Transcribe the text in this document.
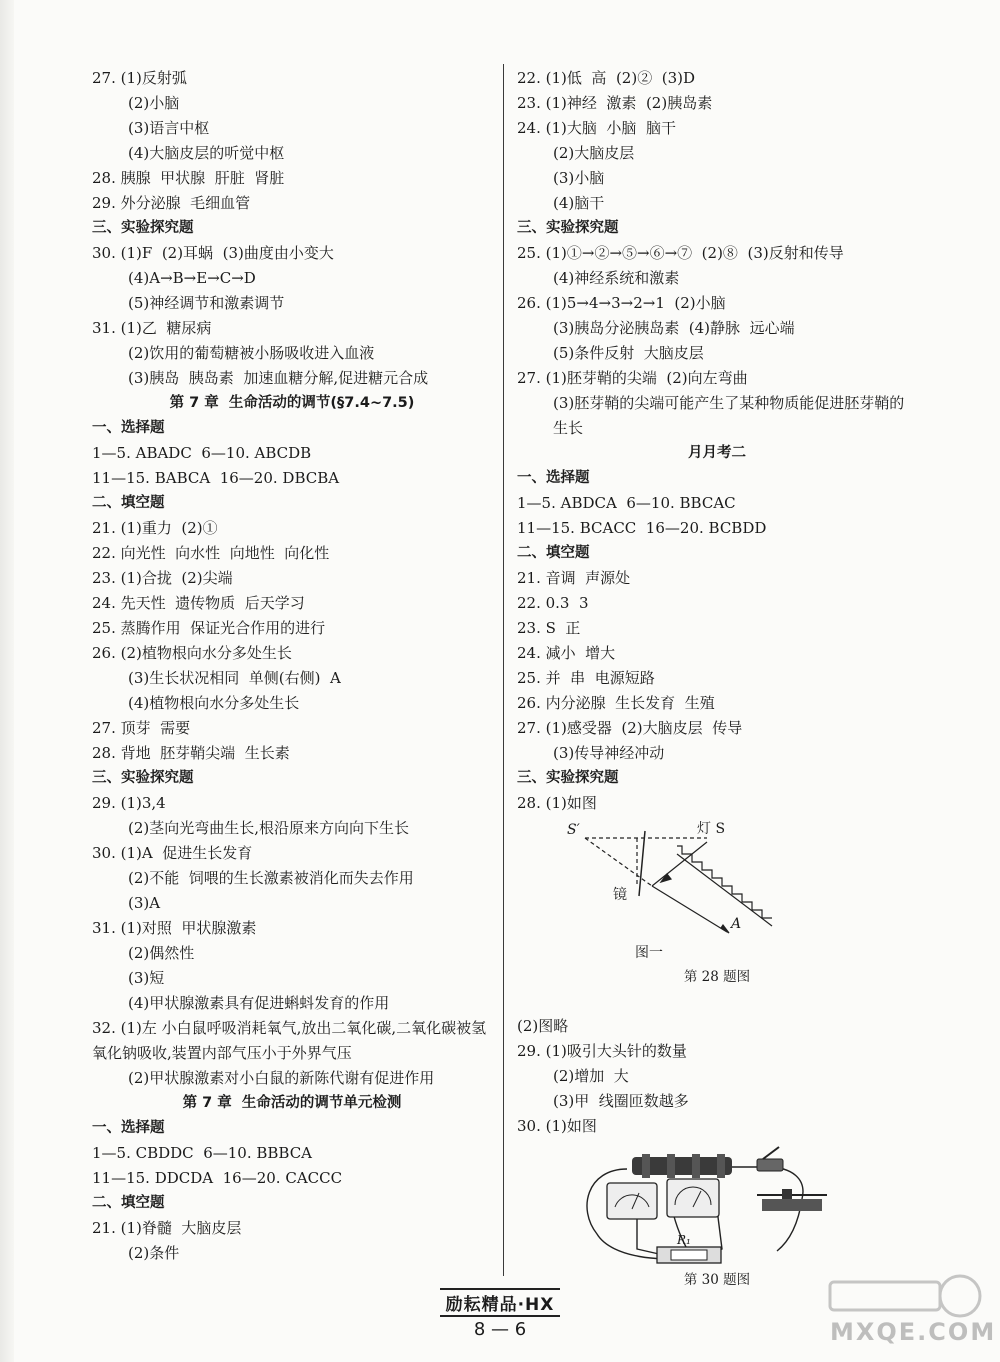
27. (1)反射弧
(2)小脑
(3)语言中枢
(4)大脑皮层的听觉中枢
28. 胰腺  甲状腺  肝脏  肾脏
29. 外分泌腺  毛细血管
三、实验探究题
30. (1)F  (2)耳蜗  (3)曲度由小变大
(4)A→B→E→C→D
(5)神经调节和激素调节
31. (1)乙  糖尿病
(2)饮用的葡萄糖被小肠吸收进入血液
(3)胰岛  胰岛素  加速血糖分解,促进糖元合成
第 7 章  生命活动的调节(§7.4~7.5)
一、选择题
1—5. ABADC  6—10. ABCDB
11—15. BABCA  16—20. DBCBA
二、填空题
21. (1)重力  (2)①
22. 向光性  向水性  向地性  向化性
23. (1)合拢  (2)尖端
24. 先天性  遗传物质  后天学习
25. 蒸腾作用  保证光合作用的进行
26. (2)植物根向水分多处生长
(3)生长状况相同  单侧(右侧)  A
(4)植物根向水分多处生长
27. 顶芽  需要
28. 背地  胚芽鞘尖端  生长素
三、实验探究题
29. (1)3,4
(2)茎向光弯曲生长,根沿原来方向向下生长
30. (1)A  促进生长发育
(2)不能  饲喂的生长激素被消化而失去作用
(3)A
31. (1)对照  甲状腺激素
(2)偶然性
(3)短
(4)甲状腺激素具有促进蝌蚪发育的作用
32. (1)左 小白鼠呼吸消耗氧气,放出二氧化碳,二氧化碳被氢氧化钠吸收,装置内部气压小于外界气压
(2)甲状腺激素对小白鼠的新陈代谢有促进作用
第 7 章  生命活动的调节单元检测
一、选择题
1—5. CBDDC  6—10. BBBCA
11—15. DDCDA  16—20. CACCC
二、填空题
21. (1)脊髓  大脑皮层
(2)条件
22. (1)低  高  (2)②  (3)D
23. (1)神经  激素  (2)胰岛素
24. (1)大脑  小脑  脑干
(2)大脑皮层
(3)小脑
(4)脑干
三、实验探究题
25. (1)①→②→⑤→⑥→⑦  (2)⑧  (3)反射和传导
(4)神经系统和激素
26. (1)5→4→3→2→1  (2)小脑
(3)胰岛分泌胰岛素  (4)静脉  远心端
(5)条件反射  大脑皮层
27. (1)胚芽鞘的尖端  (2)向左弯曲
(3)胚芽鞘的尖端可能产生了某种物质能促进胚芽鞘的生长
月月考二
一、选择题
1—5. ABDCA  6—10. BBCAC
11—15. BCACC  16—20. BCBDD
二、填空题
21. 音调  声源处
22. 0.3  3
23. S  正
24. 减小  增大
25. 并  串  电源短路
26. 内分泌腺  生长发育  生殖
27. (1)感受器  (2)大脑皮层  传导
(3)传导神经冲动
三、实验探究题
28. (1)如图
S′	灯 S
镜
A
图一
第 28 题图
(2)图略
29. (1)吸引大头针的数量
(2)增加  大
(3)甲  线圈匝数越多
30. (1)如图
R₁
第 30 题图
励耘精品·HX
8 — 6	MXQE.COM
